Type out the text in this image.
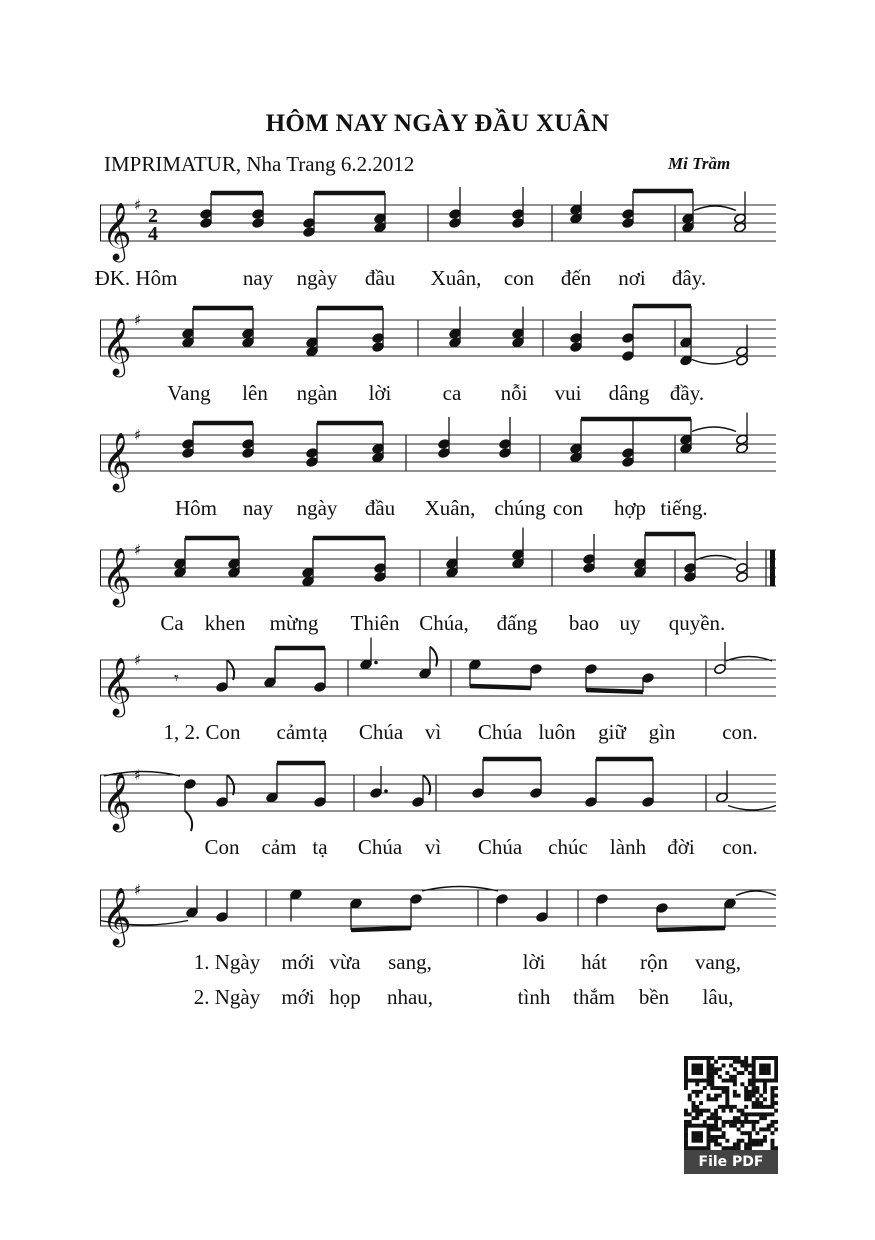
HÔM NAY NGÀY ĐẦU XUÂN
IMPRIMATUR, Nha Trang 6.2.2012	Mi Trầm
𝄞 ♯ 2
4
𝄞 ♯
𝄞 ♯
𝄞 ♯
𝄞 ♯
𝄾
𝄞 ♯
𝄞 ♯
ĐK. Hôm	nay ngày đầu Xuân, con đến nơi đây.
Vang lên ngàn lời ca nỗi vui dâng đầy.
Hôm nay ngày đầu Xuân, chúng con hợp tiếng.
Ca khen mừng Thiên Chúa, đấng bao uy quyền.
1, 2. Con cảm tạ Chúa vì Chúa luôn giữ gìn con.
Con cảm tạ Chúa vì Chúa chúc lành đời con.
1. Ngày mới vừa sang,	lời hát rộn vang,
2. Ngày mới họp nhau,	tình thắm bền lâu,
File PDF
